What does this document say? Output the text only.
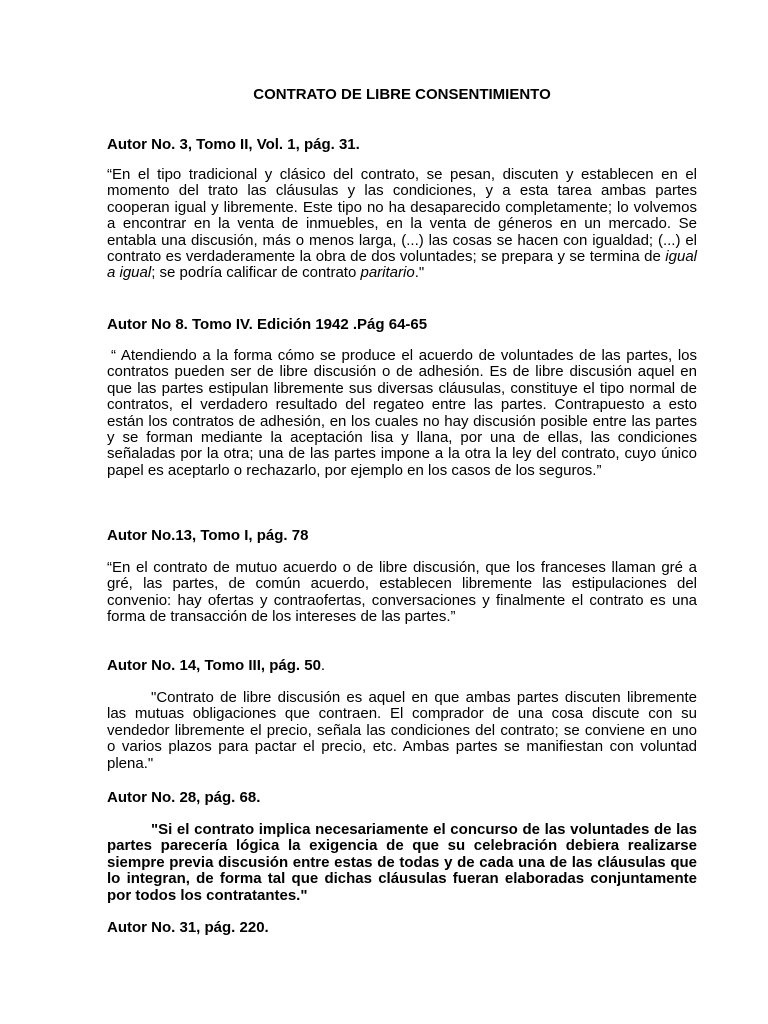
CONTRATO DE LIBRE CONSENTIMIENTO
Autor No. 3, Tomo II, Vol. 1, pág. 31.
“En el tipo tradicional y clásico del contrato, se pesan, discuten y establecen en el momento del trato las cláusulas y las condiciones, y a esta tarea ambas partes cooperan igual y libremente. Este tipo no ha desaparecido completamente; lo volvemos a encontrar en la venta de inmuebles, en la venta de géneros en un mercado. Se entabla una discusión, más o menos larga, (...) las cosas se hacen con igualdad; (...) el contrato es verdaderamente la obra de dos voluntades; se prepara y se termina de igual a igual; se podría calificar de contrato paritario."
Autor No 8. Tomo IV. Edición 1942 .Pág 64-65
“ Atendiendo a la forma cómo se produce el acuerdo de voluntades de las partes, los contratos pueden ser de libre discusión o de adhesión. Es de libre discusión aquel en que las partes estipulan libremente sus diversas cláusulas, constituye el tipo normal de contratos, el verdadero resultado del regateo entre las partes. Contrapuesto a esto están los contratos de adhesión, en los cuales no hay discusión posible entre las partes y se forman mediante la aceptación lisa y llana, por una de ellas, las condiciones señaladas por la otra; una de las partes impone a la otra la ley del contrato, cuyo único papel es aceptarlo o rechazarlo, por ejemplo en los casos de los seguros.”
Autor No.13, Tomo I, pág. 78
“En el contrato de mutuo acuerdo o de libre discusión, que los franceses llaman gré a gré, las partes, de común acuerdo, establecen libremente las estipulaciones del convenio: hay ofertas y contraofertas, conversaciones y finalmente el contrato es una forma de transacción de los intereses de las partes.”
Autor No. 14, Tomo III, pág. 50.
"Contrato de libre discusión es aquel en que ambas partes discuten libremente las mutuas obligaciones que contraen. El comprador de una cosa discute con su vendedor libremente el precio, señala las condiciones del contrato; se conviene en uno o varios plazos para pactar el precio, etc. Ambas partes se manifiestan con voluntad plena."
Autor No. 28, pág. 68.
"Si el contrato implica necesariamente el concurso de las voluntades de las partes parecería lógica la exigencia de que su celebración debiera realizarse siempre previa discusión entre estas de todas y de cada una de las cláusulas que lo integran, de forma tal que dichas cláusulas fueran elaboradas conjuntamente por todos los contratantes."
Autor No. 31, pág. 220.
